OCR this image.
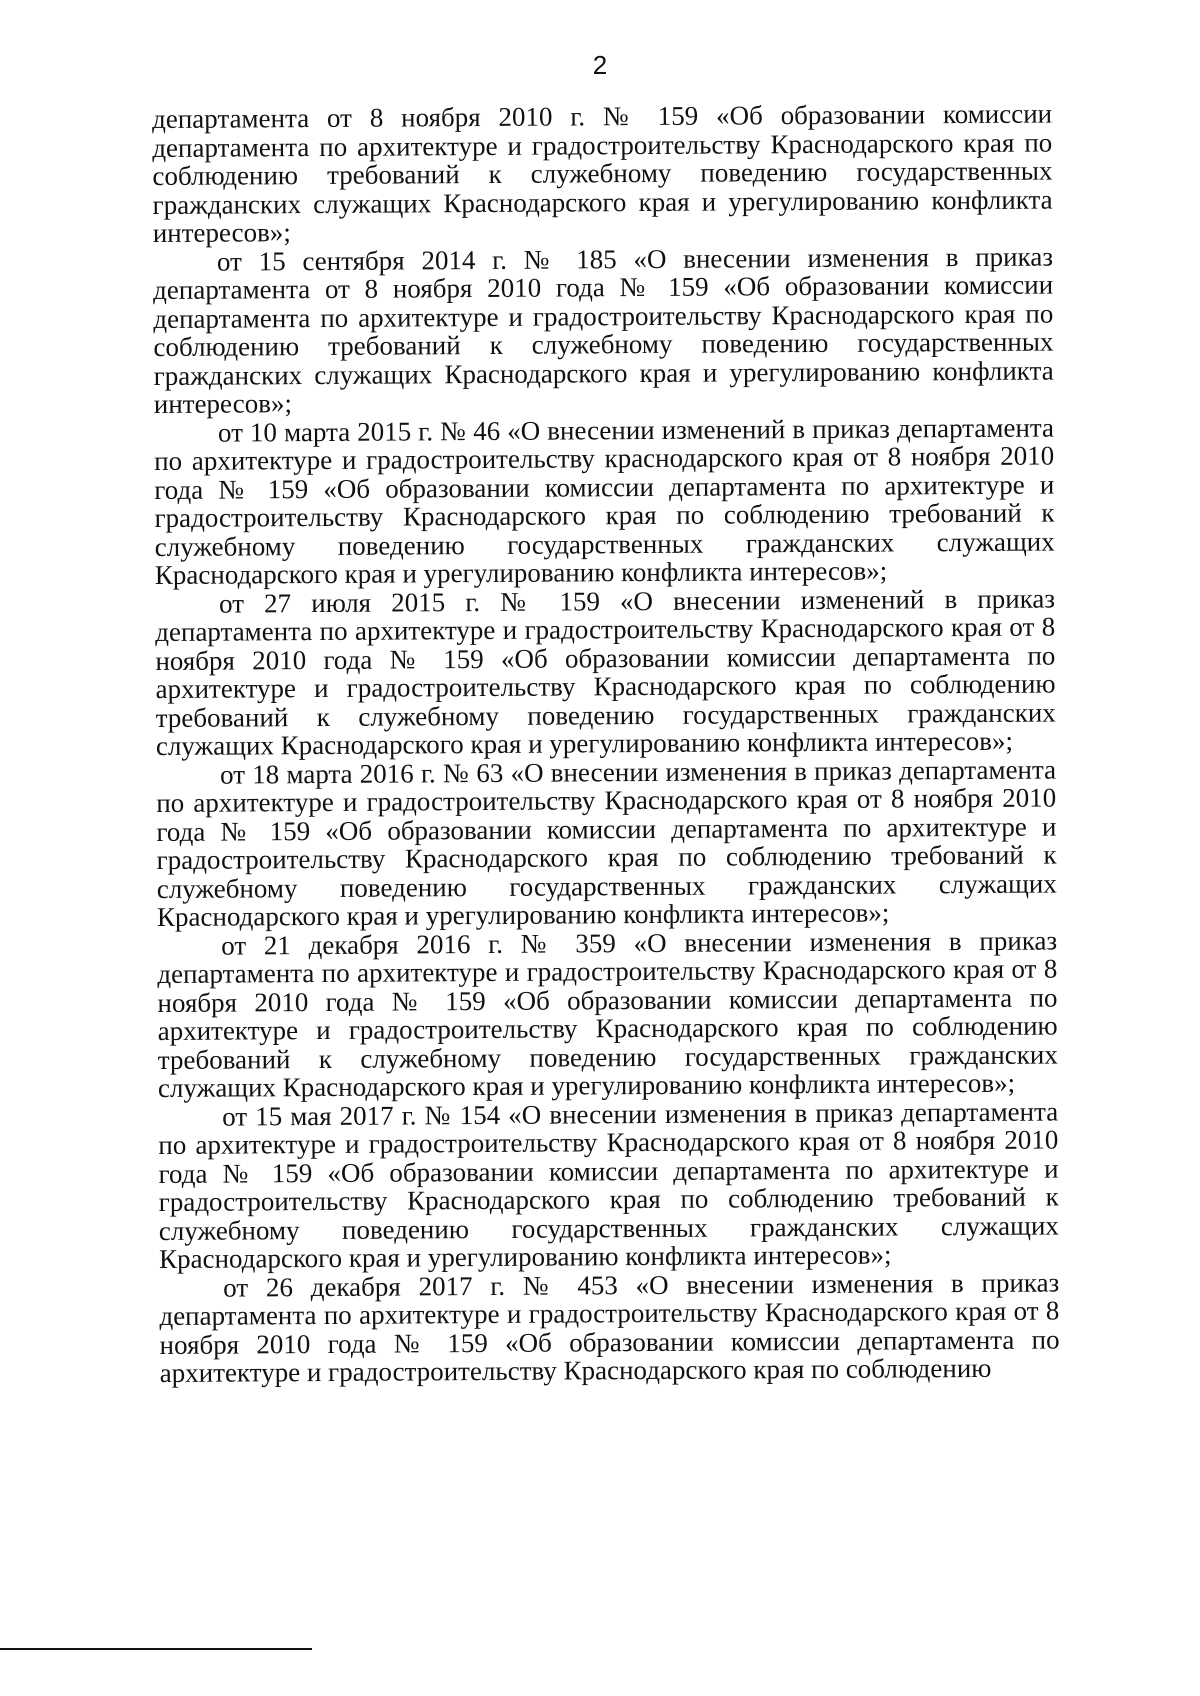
2

департамента от 8 ноября 2010 г. № 159 «Об образовании комиссии департамента по архитектуре и градостроительству Краснодарского края по соблюдению требований к служебному поведению государственных гражданских служащих Краснодарского края и урегулированию конфликта интересов»;

от 15 сентября 2014 г. № 185 «О внесении изменения в приказ департамента от 8 ноября 2010 года № 159 «Об образовании комиссии департамента по архитектуре и градостроительству Краснодарского края по соблюдению требований к служебному поведению государственных гражданских служащих Краснодарского края и урегулированию конфликта интересов»;

от 10 марта 2015 г. № 46 «О внесении изменений в приказ департамента по архитектуре и градостроительству краснодарского края от 8 ноября 2010 года № 159 «Об образовании комиссии департамента по архитектуре и градостроительству Краснодарского края по соблюдению требований к служебному поведению государственных гражданских служащих Краснодарского края и урегулированию конфликта интересов»;

от 27 июля 2015 г. № 159 «О внесении изменений в приказ департамента по архитектуре и градостроительству Краснодарского края от 8 ноября 2010 года № 159 «Об образовании комиссии департамента по архитектуре и градостроительству Краснодарского края по соблюдению требований к служебному поведению государственных гражданских служащих Краснодарского края и урегулированию конфликта интересов»;

от 18 марта 2016 г. № 63 «О внесении изменения в приказ департамента по архитектуре и градостроительству Краснодарского края от 8 ноября 2010 года № 159 «Об образовании комиссии департамента по архитектуре и градостроительству Краснодарского края по соблюдению требований к служебному поведению государственных гражданских служащих Краснодарского края и урегулированию конфликта интересов»;

от 21 декабря 2016 г. № 359 «О внесении изменения в приказ департамента по архитектуре и градостроительству Краснодарского края от 8 ноября 2010 года № 159 «Об образовании комиссии департамента по архитектуре и градостроительству Краснодарского края по соблюдению требований к служебному поведению государственных гражданских служащих Краснодарского края и урегулированию конфликта интересов»;

от 15 мая 2017 г. № 154 «О внесении изменения в приказ департамента по архитектуре и градостроительству Краснодарского края от 8 ноября 2010 года № 159 «Об образовании комиссии департамента по архитектуре и градостроительству Краснодарского края по соблюдению требований к служебному поведению государственных гражданских служащих Краснодарского края и урегулированию конфликта интересов»;

от 26 декабря 2017 г. № 453 «О внесении изменения в приказ департамента по архитектуре и градостроительству Краснодарского края от 8 ноября 2010 года № 159 «Об образовании комиссии департамента по архитектуре и градостроительству Краснодарского края по соблюдению
